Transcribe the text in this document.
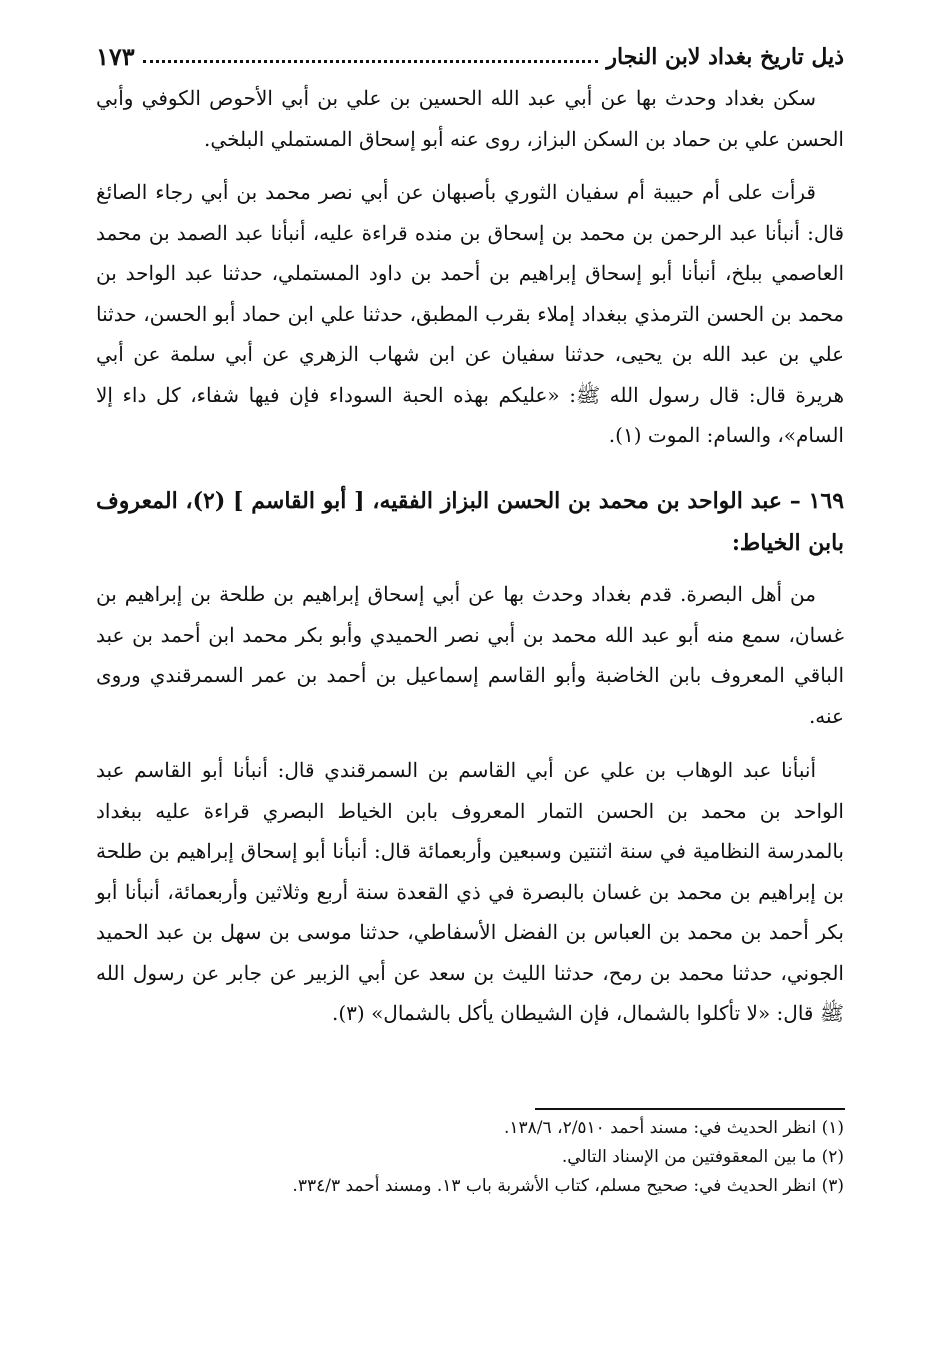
ذيل تاريخ بغداد لابن النجار
١٧٣

سكن بغداد وحدث بها عن أبي عبد الله الحسين بن علي بن أبي الأحوص الكوفي وأبي الحسن علي بن حماد بن السكن البزاز، روى عنه أبو إسحاق المستملي البلخي.

قرأت على أم حبيبة أم سفيان الثوري بأصبهان عن أبي نصر محمد بن أبي رجاء الصائغ قال: أنبأنا عبد الرحمن بن محمد بن إسحاق بن منده قراءة عليه، أنبأنا عبد الصمد بن محمد العاصمي ببلخ، أنبأنا أبو إسحاق إبراهيم بن أحمد بن داود المستملي، حدثنا عبد الواحد بن محمد بن الحسن الترمذي ببغداد إملاء بقرب المطبق، حدثنا علي ابن حماد أبو الحسن، حدثنا علي بن عبد الله بن يحيى، حدثنا سفيان عن ابن شهاب الزهري عن أبي سلمة عن أبي هريرة قال: قال رسول الله ﷺ: «عليكم بهذه الحبة السوداء فإن فيها شفاء، كل داء إلا السام»، والسام: الموت (١).

١٦٩ – عبد الواحد بن محمد بن الحسن البزاز الفقيه، [ أبو القاسم ] (٢)، المعروف بابن الخياط:

من أهل البصرة. قدم بغداد وحدث بها عن أبي إسحاق إبراهيم بن طلحة بن إبراهيم بن غسان، سمع منه أبو عبد الله محمد بن أبي نصر الحميدي وأبو بكر محمد ابن أحمد بن عبد الباقي المعروف بابن الخاضبة وأبو القاسم إسماعيل بن أحمد بن عمر السمرقندي وروى عنه.

أنبأنا عبد الوهاب بن علي عن أبي القاسم بن السمرقندي قال: أنبأنا أبو القاسم عبد الواحد بن محمد بن الحسن التمار المعروف بابن الخياط البصري قراءة عليه ببغداد بالمدرسة النظامية في سنة اثنتين وسبعين وأربعمائة قال: أنبأنا أبو إسحاق إبراهيم بن طلحة بن إبراهيم بن محمد بن غسان بالبصرة في ذي القعدة سنة أربع وثلاثين وأربعمائة، أنبأنا أبو بكر أحمد بن محمد بن العباس بن الفضل الأسفاطي، حدثنا موسى بن سهل بن عبد الحميد الجوني، حدثنا محمد بن رمح، حدثنا الليث بن سعد عن أبي الزبير عن جابر عن رسول الله ﷺ قال: «لا تأكلوا بالشمال، فإن الشيطان يأكل بالشمال» (٣).

(١) انظر الحديث في: مسند أحمد ٢/٥١٠، ١٣٨/٦.
(٢) ما بين المعقوفتين من الإسناد التالي.
(٣) انظر الحديث في: صحيح مسلم، كتاب الأشربة باب ١٣. ومسند أحمد ٣٣٤/٣.
